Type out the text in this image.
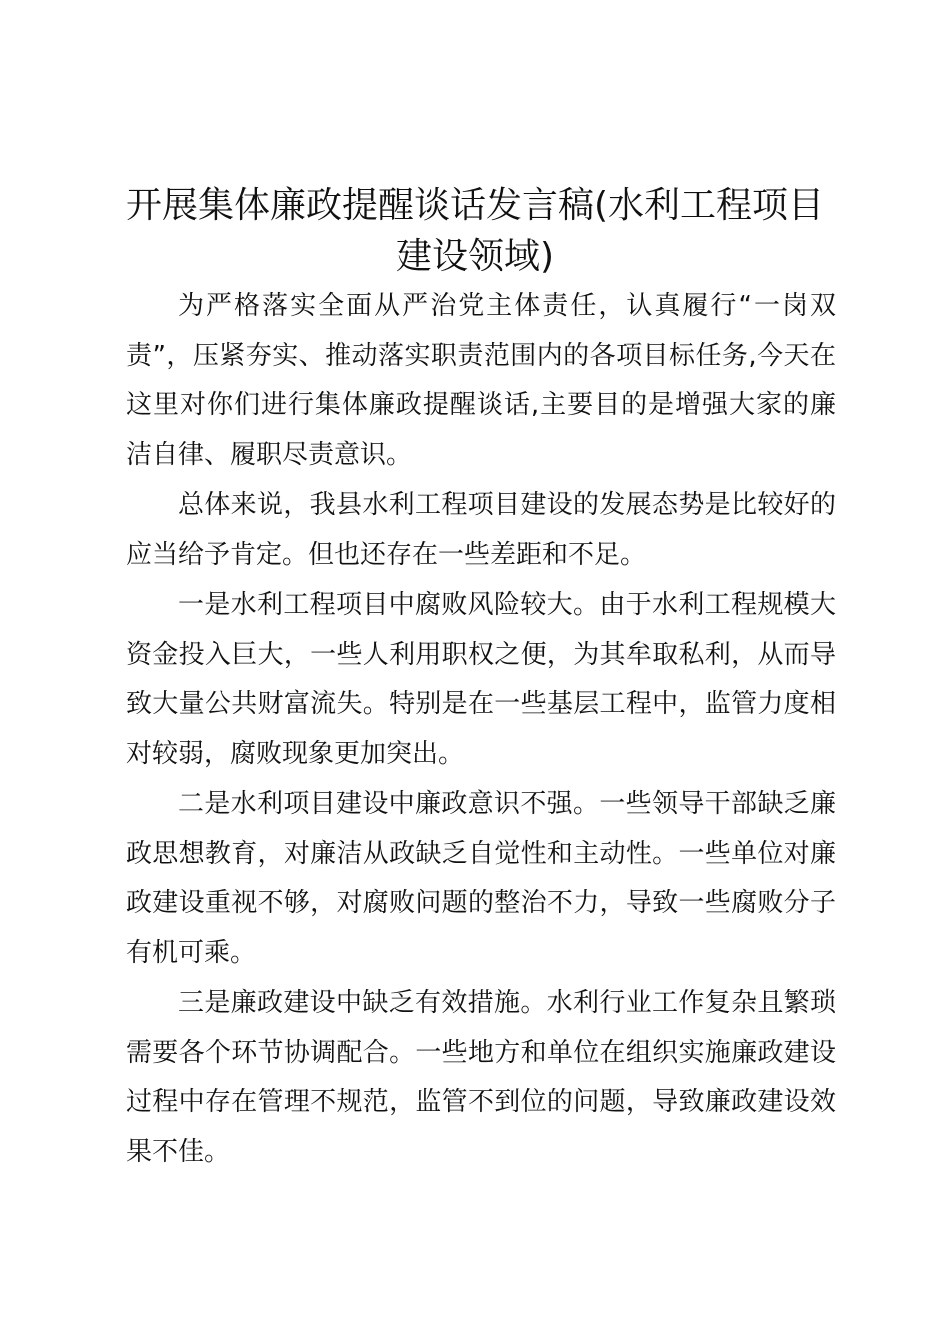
开展集体廉政提醒谈话发言稿(水利工程项目建设领域)

为严格落实全面从严治党主体责任，认真履行“一岗双责”，压紧夯实、推动落实职责范围内的各项目标任务,今天在这里对你们进行集体廉政提醒谈话,主要目的是增强大家的廉洁自律、履职尽责意识。

总体来说，我县水利工程项目建设的发展态势是比较好的应当给予肯定。但也还存在一些差距和不足。

一是水利工程项目中腐败风险较大。由于水利工程规模大资金投入巨大，一些人利用职权之便，为其牟取私利，从而导致大量公共财富流失。特别是在一些基层工程中，监管力度相对较弱，腐败现象更加突出。

二是水利项目建设中廉政意识不强。一些领导干部缺乏廉政思想教育，对廉洁从政缺乏自觉性和主动性。一些单位对廉政建设重视不够，对腐败问题的整治不力，导致一些腐败分子有机可乘。

三是廉政建设中缺乏有效措施。水利行业工作复杂且繁琐需要各个环节协调配合。一些地方和单位在组织实施廉政建设过程中存在管理不规范，监管不到位的问题，导致廉政建设效果不佳。
